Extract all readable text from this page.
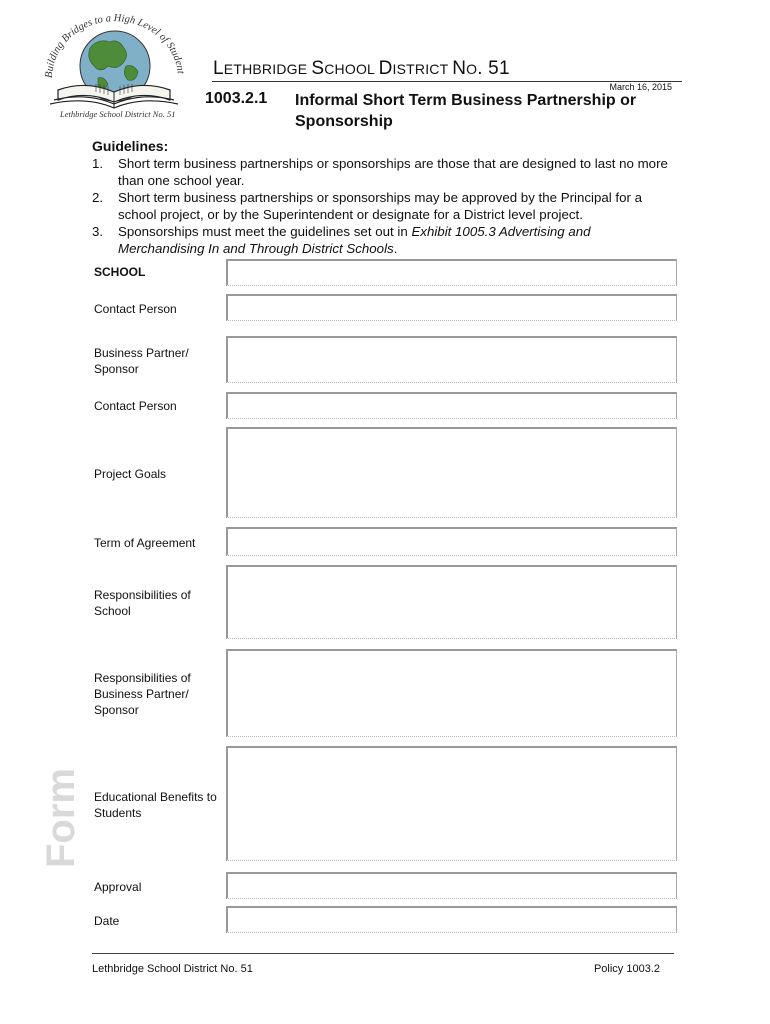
Building Bridges to a High Level of Student
Lethbridge School District No. 51
LETHBRIDGE SCHOOL DISTRICT NO. 51
March 16, 2015
1003.2.1 Informal Short Term Business Partnership or Sponsorship
Guidelines:
1.	Short term business partnerships or sponsorships are those that are designed to last no more than one school year.
2.	Short term business partnerships or sponsorships may be approved by the Principal for a school project, or by the Superintendent or designate for a District level project.
3.	Sponsorships must meet the guidelines set out in Exhibit 1005.3 Advertising and Merchandising In and Through District Schools.
SCHOOL
Contact Person
Business Partner/ Sponsor
Contact Person
Project Goals
Term of Agreement
Responsibilities of School
Responsibilities of Business Partner/ Sponsor
Educational Benefits to Students
Approval
Date
Form
Lethbridge School District No. 51	Policy 1003.2
